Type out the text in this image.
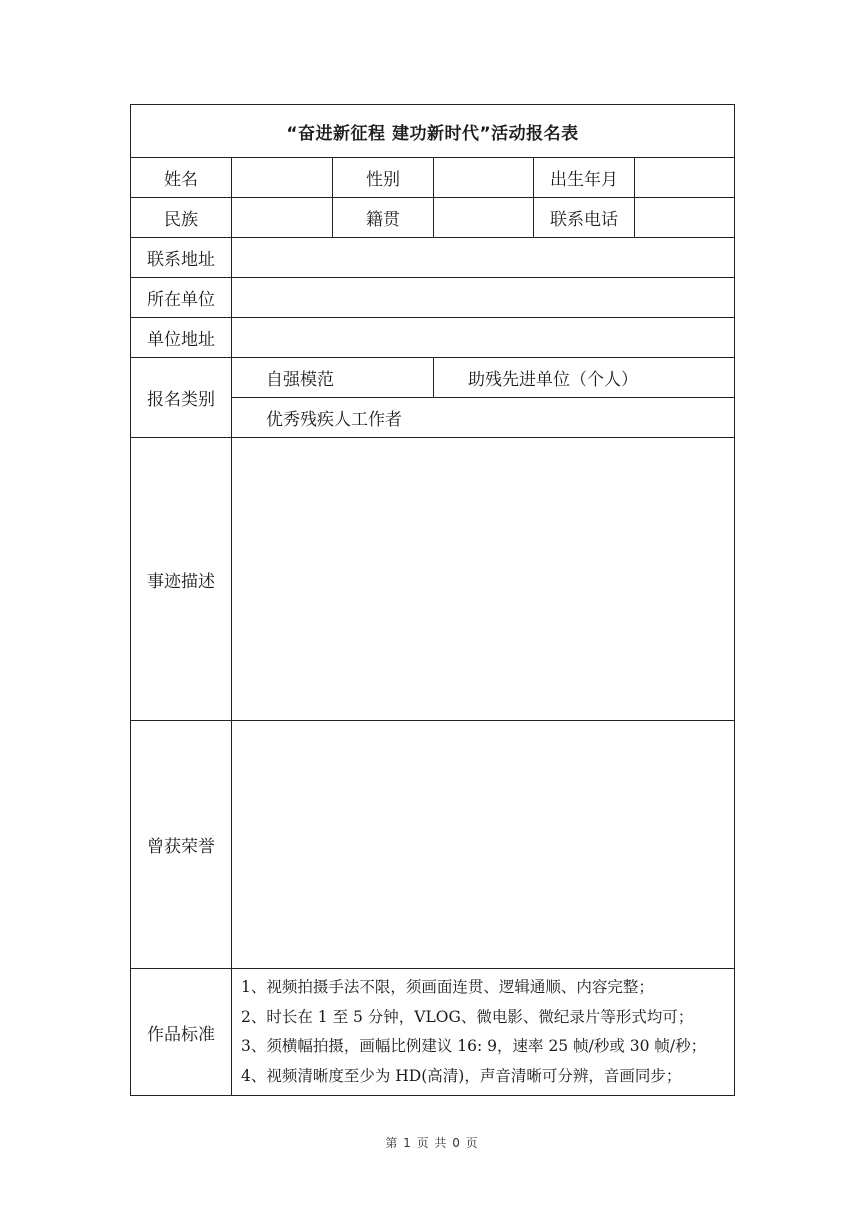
“奋进新征程 建功新时代”活动报名表					
姓名		性别		出生年月	
民族		籍贯		联系电话	
联系地址					
所在单位					
单位地址					
报名类别	自强模范		助残先进单位（个人）		
	优秀残疾人工作者				
事迹描述					
曾获荣誉					
作品标准	1、视频拍摄手法不限，须画面连贯、逻辑通顺、内容完整；
2、时长在 1 至 5 分钟，VLOG、微电影、微纪录片等形式均可；
3、须横幅拍摄，画幅比例建议 16: 9，速率 25 帧/秒或 30 帧/秒；
4、视频清晰度至少为 HD(高清)，声音清晰可分辨，音画同步；				
第 1 页 共 0 页
